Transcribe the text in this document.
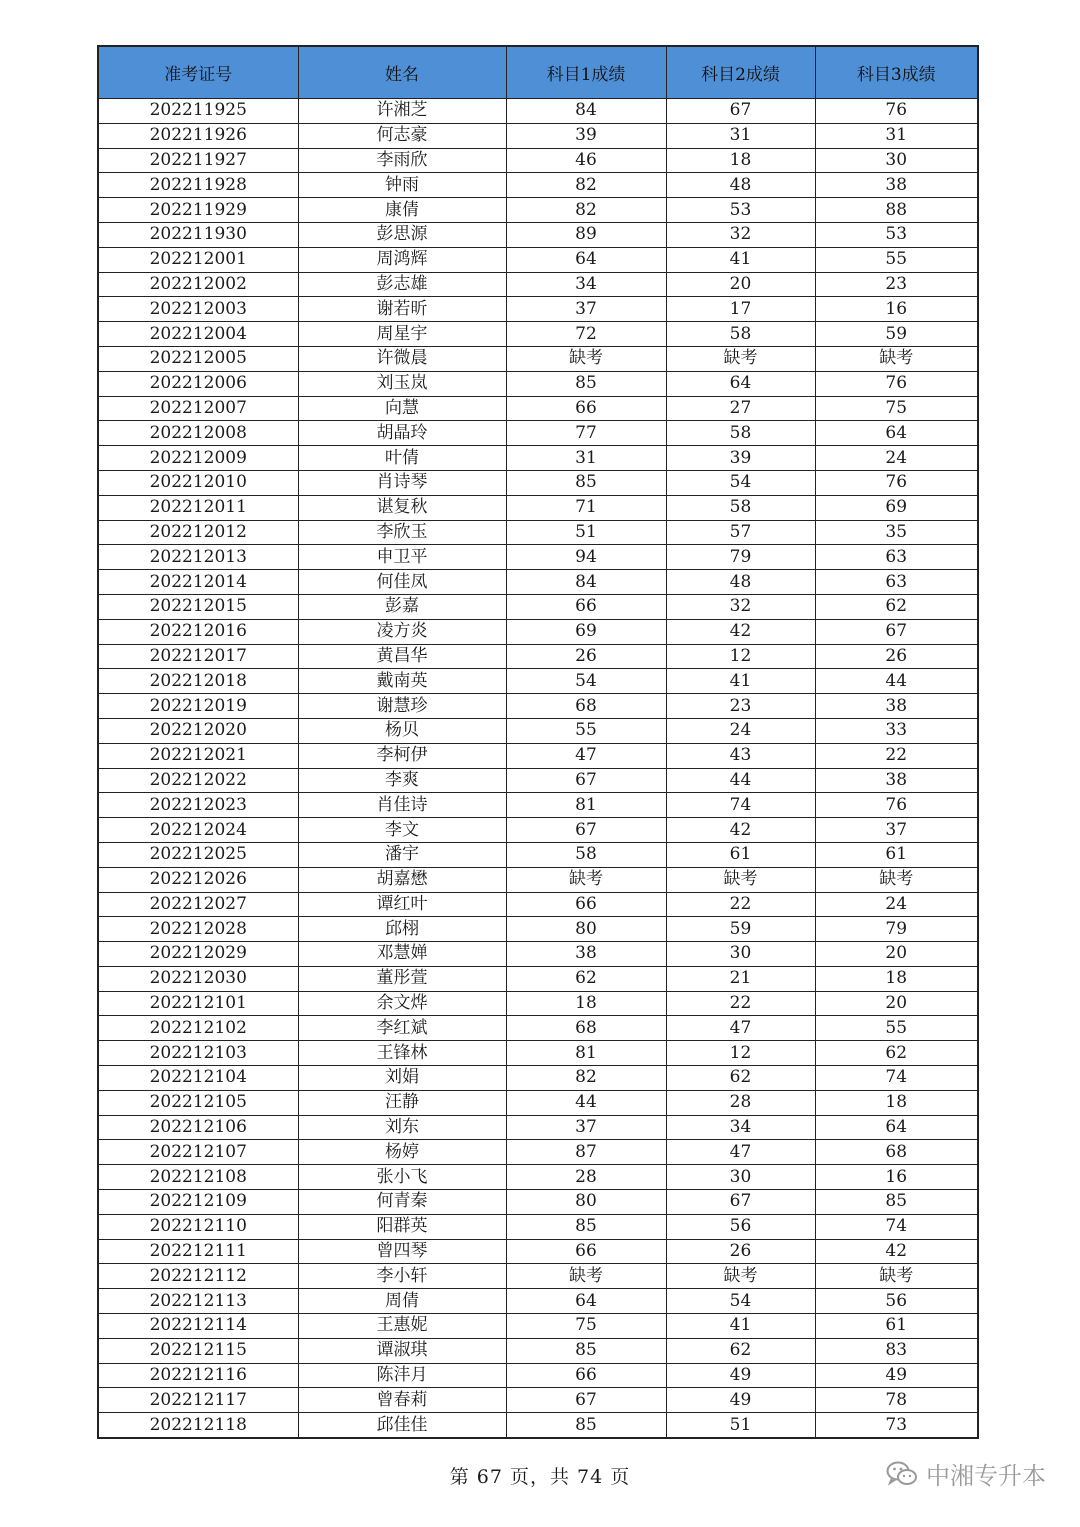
准考证号	姓名	科目1成绩	科目2成绩	科目3成绩
202211925	许湘芝	84	67	76
202211926	何志豪	39	31	31
202211927	李雨欣	46	18	30
202211928	钟雨	82	48	38
202211929	康倩	82	53	88
202211930	彭思源	89	32	53
202212001	周鸿辉	64	41	55
202212002	彭志雄	34	20	23
202212003	谢若昕	37	17	16
202212004	周星宇	72	58	59
202212005	许微晨	缺考	缺考	缺考
202212006	刘玉岚	85	64	76
202212007	向慧	66	27	75
202212008	胡晶玲	77	58	64
202212009	叶倩	31	39	24
202212010	肖诗琴	85	54	76
202212011	谌复秋	71	58	69
202212012	李欣玉	51	57	35
202212013	申卫平	94	79	63
202212014	何佳凤	84	48	63
202212015	彭嘉	66	32	62
202212016	凌方炎	69	42	67
202212017	黄昌华	26	12	26
202212018	戴南英	54	41	44
202212019	谢慧珍	68	23	38
202212020	杨贝	55	24	33
202212021	李柯伊	47	43	22
202212022	李爽	67	44	38
202212023	肖佳诗	81	74	76
202212024	李文	67	42	37
202212025	潘宇	58	61	61
202212026	胡嘉懋	缺考	缺考	缺考
202212027	谭红叶	66	22	24
202212028	邱栩	80	59	79
202212029	邓慧婵	38	30	20
202212030	董彤萱	62	21	18
202212101	余文烨	18	22	20
202212102	李红斌	68	47	55
202212103	王锋林	81	12	62
202212104	刘娟	82	62	74
202212105	汪静	44	28	18
202212106	刘东	37	34	64
202212107	杨婷	87	47	68
202212108	张小飞	28	30	16
202212109	何青秦	80	67	85
202212110	阳群英	85	56	74
202212111	曾四琴	66	26	42
202212112	李小轩	缺考	缺考	缺考
202212113	周倩	64	54	56
202212114	王惠妮	75	41	61
202212115	谭淑琪	85	62	83
202212116	陈沣月	66	49	49
202212117	曾春莉	67	49	78
202212118	邱佳佳	85	51	73
第 67 页，共 74 页	中湘专升本
